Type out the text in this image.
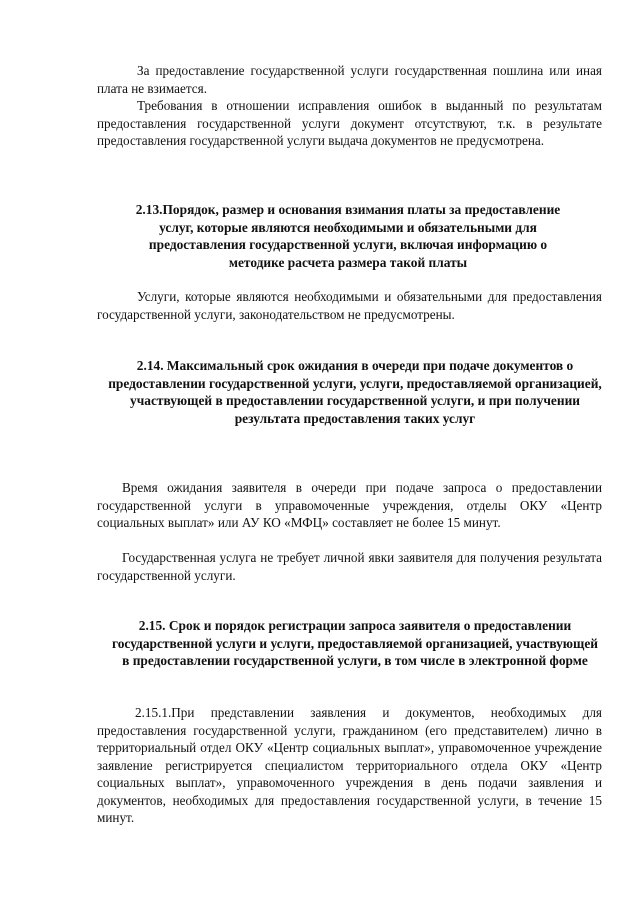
За предоставление государственной услуги государственная пошлина или иная плата не взимается.

Требования в отношении исправления ошибок в выданный по результатам предоставления государственной услуги документ отсутствуют, т.к. в результате предоставления государственной услуги выдача документов не предусмотрена.

2.13.Порядок, размер и основания взимания платы за предоставление услуг, которые являются необходимыми и обязательными для предоставления государственной услуги, включая информацию о методике расчета размера такой платы

Услуги, которые являются необходимыми и обязательными для предоставления государственной услуги, законодательством не предусмотрены.

2.14. Максимальный срок ожидания в очереди при подаче документов о предоставлении государственной услуги, услуги, предоставляемой организацией, участвующей в предоставлении государственной услуги, и при получении результата предоставления таких услуг

Время ожидания заявителя в очереди при подаче запроса о предоставлении государственной услуги в управомоченные учреждения, отделы ОКУ «Центр социальных выплат» или АУ КО «МФЦ» составляет не более 15 минут.

Государственная услуга не требует личной явки заявителя для получения результата государственной услуги.

2.15. Срок и порядок регистрации запроса заявителя о предоставлении государственной услуги и услуги, предоставляемой организацией, участвующей в предоставлении государственной услуги, в том числе в электронной форме

2.15.1.При представлении заявления и документов, необходимых для предоставления государственной услуги, гражданином (его представителем) лично в территориальный отдел ОКУ «Центр социальных выплат», управомоченное учреждение заявление регистрируется специалистом территориального отдела ОКУ «Центр социальных выплат», управомоченного учреждения в день подачи заявления и документов, необходимых для предоставления государственной услуги, в течение 15 минут.
